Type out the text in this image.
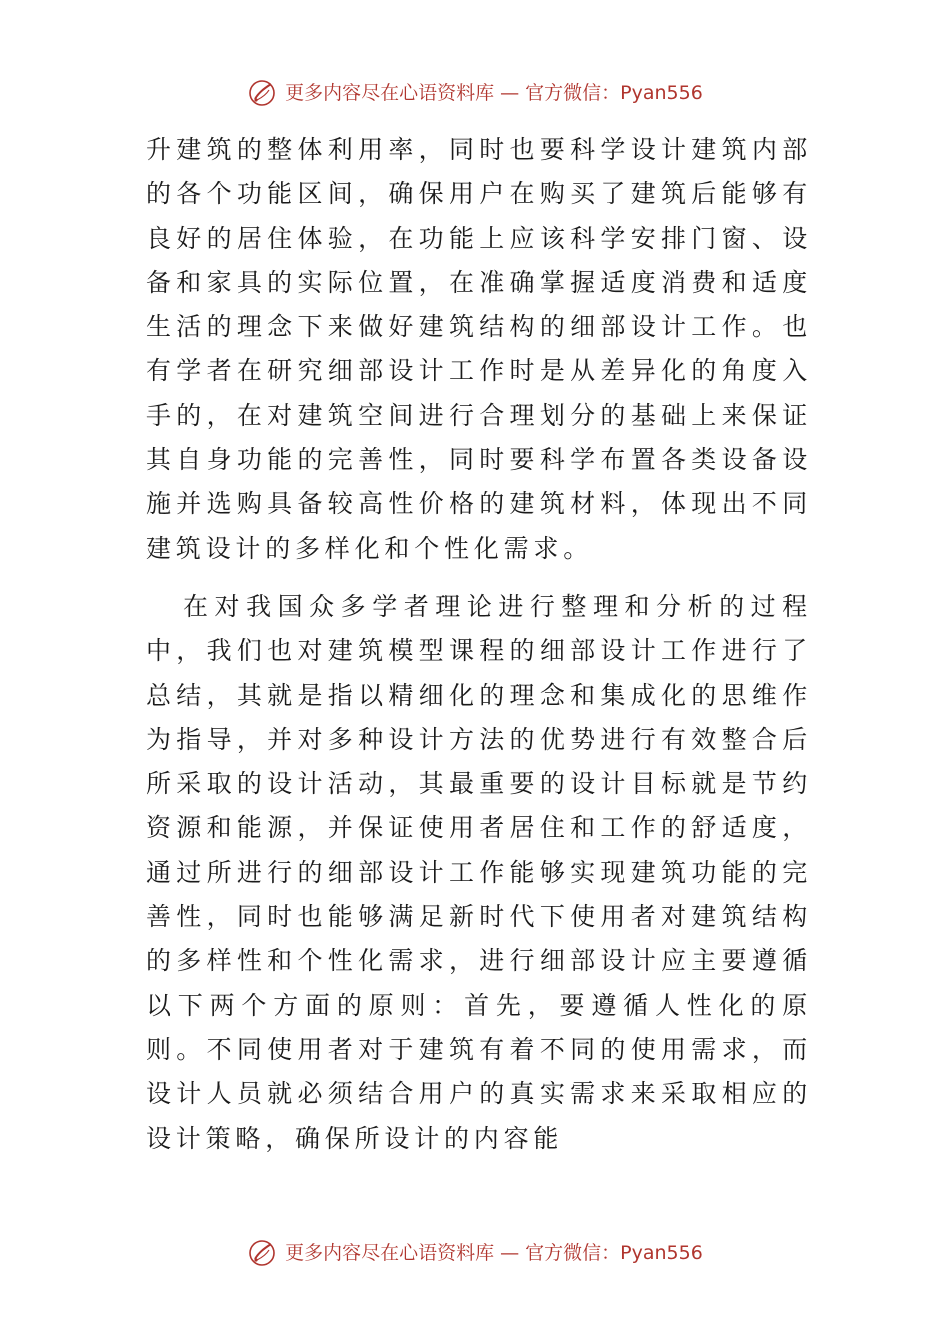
更多内容尽在心语资料库 — 官方微信：Pyan556

升建筑的整体利用率，同时也要科学设计建筑内部的各个功能区间，确保用户在购买了建筑后能够有良好的居住体验，在功能上应该科学安排门窗、设备和家具的实际位置，在准确掌握适度消费和适度生活的理念下来做好建筑结构的细部设计工作。也有学者在研究细部设计工作时是从差异化的角度入手的，在对建筑空间进行合理划分的基础上来保证其自身功能的完善性，同时要科学布置各类设备设施并选购具备较高性价格的建筑材料，体现出不同建筑设计的多样化和个性化需求。

在对我国众多学者理论进行整理和分析的过程中，我们也对建筑模型课程的细部设计工作进行了总结，其就是指以精细化的理念和集成化的思维作为指导，并对多种设计方法的优势进行有效整合后所采取的设计活动，其最重要的设计目标就是节约资源和能源，并保证使用者居住和工作的舒适度，通过所进行的细部设计工作能够实现建筑功能的完善性，同时也能够满足新时代下使用者对建筑结构的多样性和个性化需求，进行细部设计应主要遵循以下两个方面的原则：首先，要遵循人性化的原则。不同使用者对于建筑有着不同的使用需求，而设计人员就必须结合用户的真实需求来采取相应的设计策略，确保所设计的内容能

更多内容尽在心语资料库 — 官方微信：Pyan556
